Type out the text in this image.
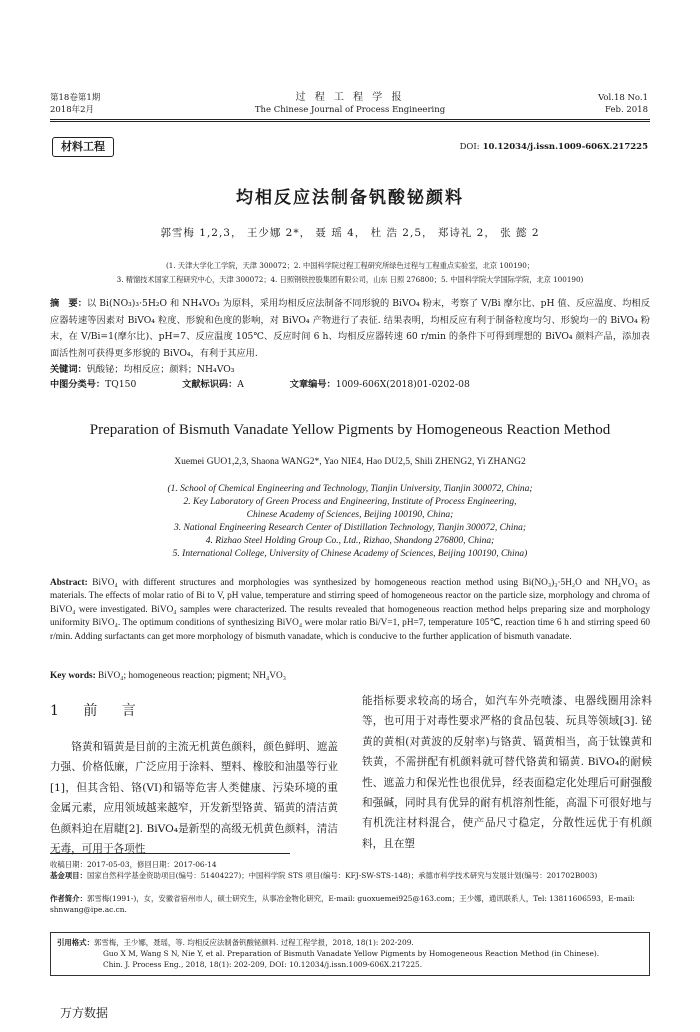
第18卷第1期
2018年2月
过 程 工 程 学 报
The Chinese Journal of Process Engineering
Vol.18 No.1
Feb. 2018
材料工程	DOI: 10.12034/j.issn.1009-606X.217225
均相反应法制备钒酸铋颜料
郭雪梅 1,2,3， 王少娜 2*， 聂 瑶 4， 杜 浩 2,5， 郑诗礼 2， 张 懿 2
(1. 天津大学化工学院，天津 300072；2. 中国科学院过程工程研究所绿色过程与工程重点实验室，北京 100190；
3. 精馏技术国家工程研究中心，天津 300072；4. 日照钢铁控股集团有限公司，山东 日照 276800；5. 中国科学院大学国际学院，北京 100190)
摘　要：以 Bi(NO₃)₃·5H₂O 和 NH₄VO₃ 为原料，采用均相反应法制备不同形貌的 BiVO₄ 粉末，考察了 V/Bi 摩尔比、pH 值、反应温度、均相反应器转速等因素对 BiVO₄ 粒度、形貌和色度的影响，对 BiVO₄ 产物进行了表征. 结果表明，均相反应有利于制备粒度均匀、形貌均一的 BiVO₄ 粉末，在 V/Bi=1(摩尔比)、pH=7、反应温度 105℃、反应时间 6 h、均相反应器转速 60 r/min 的条件下可得到理想的 BiVO₄ 颜料产品，添加表面活性剂可获得更多形貌的 BiVO₄，有利于其应用.
关键词：钒酸铋；均相反应；颜料；NH₄VO₃
中图分类号：TQ150	文献标识码：A	文章编号：1009-606X(2018)01-0202-08
Preparation of Bismuth Vanadate Yellow Pigments by Homogeneous Reaction Method
Xuemei GUO1,2,3, Shaona WANG2*, Yao NIE4, Hao DU2,5, Shili ZHENG2, Yi ZHANG2
(1. School of Chemical Engineering and Technology, Tianjin University, Tianjin 300072, China;
2. Key Laboratory of Green Process and Engineering, Institute of Process Engineering,
Chinese Academy of Sciences, Beijing 100190, China;
3. National Engineering Research Center of Distillation Technology, Tianjin 300072, China;
4. Rizhao Steel Holding Group Co., Ltd., Rizhao, Shandong 276800, China;
5. International College, University of Chinese Academy of Sciences, Beijing 100190, China)
Abstract: BiVO₄ with different structures and morphologies was synthesized by homogeneous reaction method using Bi(NO₃)₃·5H₂O and NH₄VO₃ as materials. The effects of molar ratio of Bi to V, pH value, temperature and stirring speed of homogeneous reactor on the particle size, morphology and chroma of BiVO₄ were investigated. BiVO₄ samples were characterized. The results revealed that homogeneous reaction method helps preparing size and morphology uniformity BiVO₄. The optimum conditions of synthesizing BiVO₄ were molar ratio Bi/V=1, pH=7, temperature 105℃, reaction time 6 h and stirring speed 60 r/min. Adding surfactants can get more morphology of bismuth vanadate, which is conducive to the further application of bismuth vanadate.
Key words: BiVO₄; homogeneous reaction; pigment; NH₄VO₃
1 前 言
铬黄和镉黄是目前的主流无机黄色颜料，颜色鲜明、遮盖力强、价格低廉，广泛应用于涂料、塑料、橡胶和油墨等行业[1]，但其含铅、铬(VI)和镉等危害人类健康、污染环境的重金属元素，应用领域越来越窄，开发新型铬黄、镉黄的清洁黄色颜料迫在眉睫[2]. BiVO₄是新型的高级无机黄色颜料，清洁无毒，可用于各项性
能指标要求较高的场合，如汽车外壳喷漆、电器线圈用涂料等，也可用于对毒性要求严格的食品包装、玩具等领域[3]. 铋黄的黄相(对黄波的反射率)与铬黄、镉黄相当，高于钛镍黄和铁黄，不需拼配有机颜料就可替代铬黄和镉黄. BiVO₄的耐候性、遮盖力和保光性也很优异，经表面稳定化处理后可耐强酸和强碱，同时具有优异的耐有机溶剂性能，高温下可很好地与有机洗注材料混合，使产品尺寸稳定，分散性远优于有机颜料，且在塑
收稿日期：2017-05-03，修回日期：2017-06-14
基金项目：国家自然科学基金资助项目(编号：51404227)；中国科学院 STS 项目(编号：KFJ-SW-STS-148)；承德市科学技术研究与发展计划(编号：201702B003)
作者简介：郭雪梅(1991-)，女，安徽省宿州市人，硕士研究生，从事冶金物化研究，E-mail: guoxuemei925@163.com；王少娜，通讯联系人，Tel: 13811606593，E-mail: shnwang@ipe.ac.cn.
引用格式：郭雪梅，王少娜，聂瑶，等. 均相反应法制备钒酸铋颜料. 过程工程学报，2018, 18(1): 202-209.
Guo X M, Wang S N, Nie Y, et al. Preparation of Bismuth Vanadate Yellow Pigments by Homogeneous Reaction Method (in Chinese).
Chin. J. Process Eng., 2018, 18(1): 202-209, DOI: 10.12034/j.issn.1009-606X.217225.
万方数据
